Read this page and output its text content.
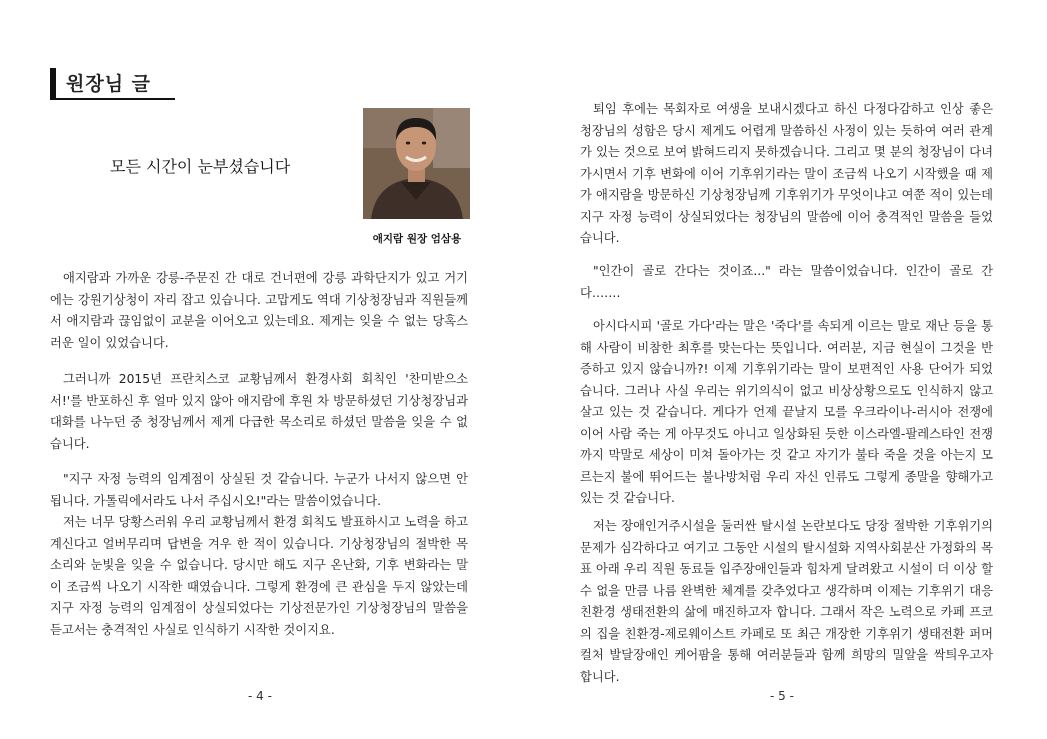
원장님 글
모든 시간이 눈부셨습니다
애지람 원장 엄삼용

애지람과 가까운 강릉-주문진 간 대로 건너편에 강릉 과학단지가 있고 거기에는 강원기상청이 자리 잡고 있습니다. 고맙게도 역대 기상청장님과 직원들께서 애지람과 끊임없이 교분을 이어오고 있는데요. 제게는 잊을 수 없는 당혹스러운 일이 있었습니다.

그러니까 2015년 프란치스코 교황님께서 환경사회 회칙인 '찬미받으소서!'를 반포하신 후 얼마 있지 않아 애지람에 후원 차 방문하셨던 기상청장님과 대화를 나누던 중 청장님께서 제게 다급한 목소리로 하셨던 말씀을 잊을 수 없습니다.

"지구 자정 능력의 임계점이 상실된 것 같습니다. 누군가 나서지 않으면 안 됩니다. 가톨릭에서라도 나서 주십시오!"라는 말씀이었습니다.

저는 너무 당황스러워 우리 교황님께서 환경 회칙도 발표하시고 노력을 하고 계신다고 얼버무리며 답변을 겨우 한 적이 있습니다. 기상청장님의 절박한 목소리와 눈빛을 잊을 수 없습니다. 당시만 해도 지구 온난화, 기후 변화라는 말이 조금씩 나오기 시작한 때였습니다. 그렇게 환경에 큰 관심을 두지 않았는데 지구 자정 능력의 임계점이 상실되었다는 기상전문가인 기상청장님의 말씀을 듣고서는 충격적인 사실로 인식하기 시작한 것이지요.

- 4 -

퇴임 후에는 목회자로 여생을 보내시겠다고 하신 다정다감하고 인상 좋은 청장님의 성함은 당시 제게도 어렵게 말씀하신 사정이 있는 듯하여 여러 관계가 있는 것으로 보여 밝혀드리지 못하겠습니다. 그리고 몇 분의 청장님이 다녀가시면서 기후 변화에 이어 기후위기라는 말이 조금씩 나오기 시작했을 때 제가 애지람을 방문하신 기상청장님께 기후위기가 무엇이냐고 여쭌 적이 있는데 지구 자정 능력이 상실되었다는 청장님의 말씀에 이어 충격적인 말씀을 들었습니다.

"인간이 골로 간다는 것이죠..." 라는 말씀이었습니다. 인간이 골로 간다…….

아시다시피 '골로 가다'라는 말은 '죽다'를 속되게 이르는 말로 재난 등을 통해 사람이 비참한 최후를 맞는다는 뜻입니다. 여러분, 지금 현실이 그것을 반증하고 있지 않습니까?! 이제 기후위기라는 말이 보편적인 사용 단어가 되었습니다. 그러나 사실 우리는 위기의식이 없고 비상상황으로도 인식하지 않고 살고 있는 것 같습니다. 게다가 언제 끝날지 모를 우크라이나-러시아 전쟁에 이어 사람 죽는 게 아무것도 아니고 일상화된 듯한 이스라엘-팔레스타인 전쟁까지 막말로 세상이 미쳐 돌아가는 것 같고 자기가 불타 죽을 것을 아는지 모르는지 불에 뛰어드는 불나방처럼 우리 자신 인류도 그렇게 종말을 향해가고 있는 것 같습니다.

저는 장애인거주시설을 둘러싼 탈시설 논란보다도 당장 절박한 기후위기의 문제가 심각하다고 여기고 그동안 시설의 탈시설화 지역사회분산 가정화의 목표 아래 우리 직원 동료들 입주장애인들과 힘차게 달려왔고 시설이 더 이상 할 수 없을 만큼 나름 완벽한 체계를 갖추었다고 생각하며 이제는 기후위기 대응 친환경 생태전환의 삶에 매진하고자 합니다. 그래서 작은 노력으로 카페 프코의 집을 친환경-제로웨이스트 카페로 또 최근 개장한 기후위기 생태전환 퍼머컬처 발달장애인 케어팜을 통해 여러분들과 함께 희망의 밀알을 싹틔우고자 합니다.

- 5 -
